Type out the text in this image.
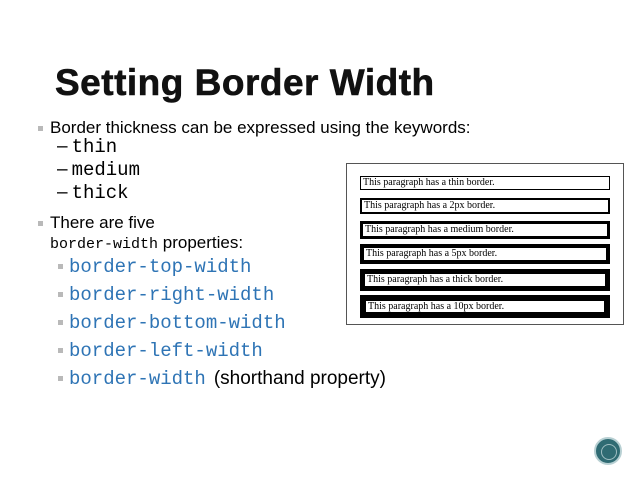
Setting Border Width
Border thickness can be expressed using the keywords:
– thin
– medium
– thick
There are five
border-width properties:
border-top-width
border-right-width
border-bottom-width
border-left-width
border-width (shorthand property)
This paragraph has a thin border.
This paragraph has a 2px border.
This paragraph has a medium border.
This paragraph has a 5px border.
This paragraph has a thick border.
This paragraph has a 10px border.
